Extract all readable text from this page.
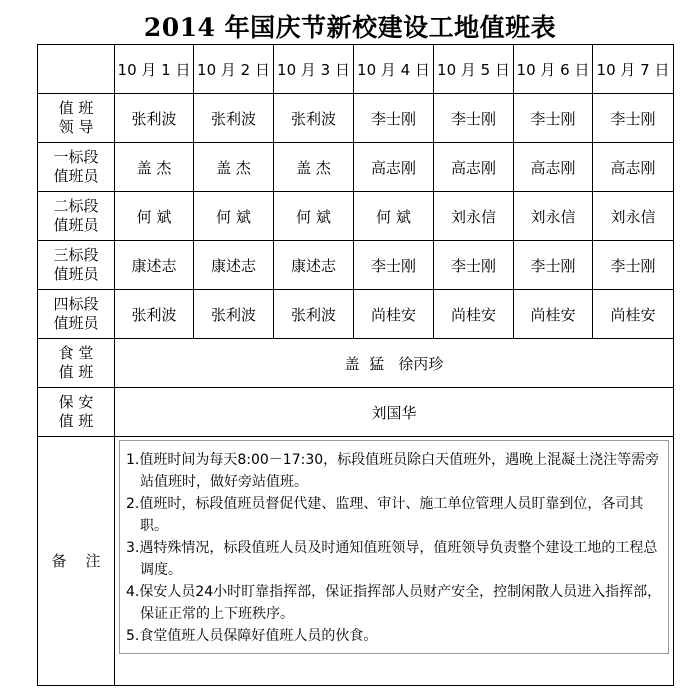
2014 年国庆节新校建设工地值班表
	10 月 1 日	10 月 2 日	10 月 3 日	10 月 4 日	10 月 5 日	10 月 6 日	10 月 7 日

值 班
领 导	张利波	张利波	张利波	李士刚	李士刚	李士刚	李士刚

一标段
值班员	盖 杰	盖 杰	盖 杰	高志刚	高志刚	高志刚	高志刚

二标段
值班员	何 斌	何 斌	何 斌	何 斌	刘永信	刘永信	刘永信

三标段
值班员	康述志	康述志	康述志	李士刚	李士刚	李士刚	李士刚

四标段
值班员	张利波	张利波	张利波	尚桂安	尚桂安	尚桂安	尚桂安

食 堂
值 班	盖  猛   徐丙珍						

保 安
值 班	刘国华						
备    注	1.值班时间为每天8:00－17:30，标段值班员除白天值班外，遇晚上混凝土浇注等需旁站值班时，做好旁站值班。
2.值班时，标段值班员督促代建、监理、审计、施工单位管理人员盯靠到位，各司其职。
3.遇特殊情况，标段值班人员及时通知值班领导，值班领导负责整个建设工地的工程总调度。
4.保安人员24小时盯靠指挥部，保证指挥部人员财产安全，控制闲散人员进入指挥部，保证正常的上下班秩序。
5.食堂值班人员保障好值班人员的伙食。						
